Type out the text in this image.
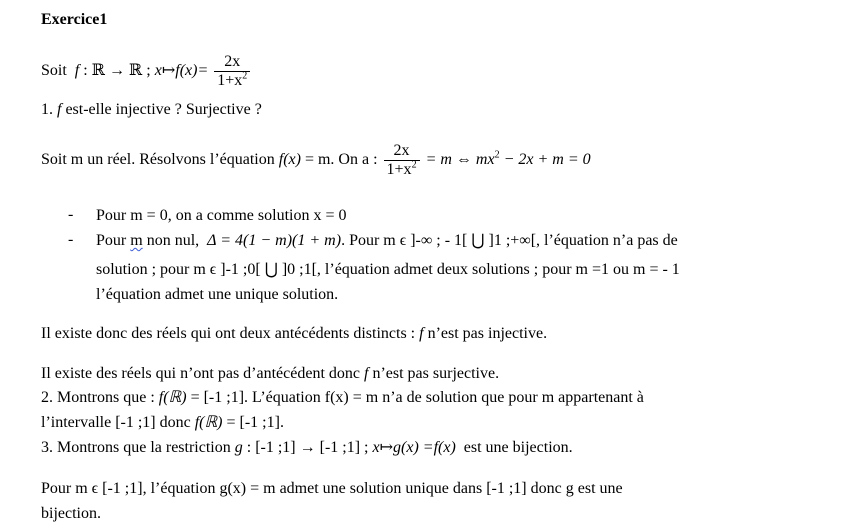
Exercice1
Soit f : ℝ → ℝ ; x↦f(x)= $\frac{2x}{1+x^2}$
1. f est-elle injective ? Surjective ?
Soit m un réel. Résolvons l’équation f(x) = m. On a : $\frac{2x}{1+x^2} = m$ ⇔ $mx^2 - 2x + m = 0$
- Pour m = 0, on a comme solution x = 0
- Pour m non nul, Δ = 4(1 − m)(1 + m). Pour m ϵ ]-∞ ; - 1[ ⋃ ]1 ;+∞[, l’équation n’a pas de
solution ; pour m ϵ ]-1 ;0[ ⋃ ]0 ;1[, l’équation admet deux solutions ; pour m =1 ou m = - 1
l’équation admet une unique solution.
Il existe donc des réels qui ont deux antécédents distincts : f n’est pas injective.
Il existe des réels qui n’ont pas d’antécédent donc f n’est pas surjective.
2. Montrons que : f(ℝ) = [-1 ;1]. L’équation f(x) = m n’a de solution que pour m appartenant à
l’intervalle [-1 ;1] donc f(ℝ) = [-1 ;1].
3. Montrons que la restriction g : [-1 ;1] → [-1 ;1] ; x↦g(x) =f(x) est une bijection.
Pour m ϵ [-1 ;1], l’équation g(x) = m admet une solution unique dans [-1 ;1] donc g est une
bijection.
